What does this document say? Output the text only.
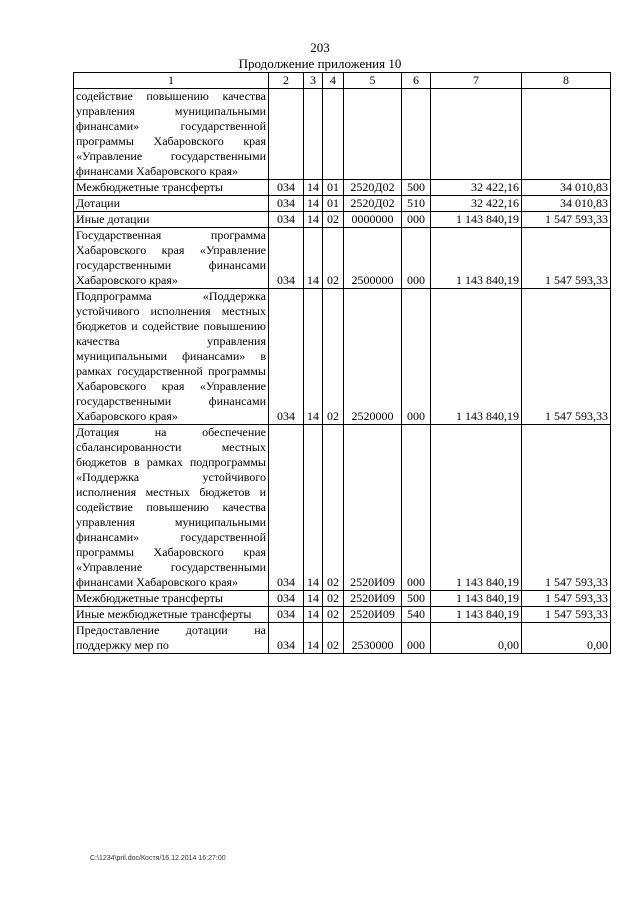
203
Продолжение приложения 10
1	2	3	4	5	6	7	8
содействие повышению качества управления муниципальными финансами» государственной программы Хабаровского края «Управление государственными финансами Хабаровского края»							
Межбюджетные трансферты	034	14	01	2520Д02	500	32 422,16	34 010,83
Дотации	034	14	01	2520Д02	510	32 422,16	34 010,83
Иные дотации	034	14	02	0000000	000	1 143 840,19	1 547 593,33
Государственная программа Хабаровского края «Управление государственными финансами Хабаровского края»	034	14	02	2500000	000	1 143 840,19	1 547 593,33
Подпрограмма «Поддержка устойчивого исполнения местных бюджетов и содействие повышению качества управления муниципальными финансами» в рамках государственной программы Хабаровского края «Управление государственными финансами Хабаровского края»	034	14	02	2520000	000	1 143 840,19	1 547 593,33
Дотация на обеспечение сбалансированности местных бюджетов в рамках подпрограммы «Поддержка устойчивого исполнения местных бюджетов и содействие повышению качества управления муниципальными финансами» государственной программы Хабаровского края «Управление государственными финансами Хабаровского края»	034	14	02	2520И09	000	1 143 840,19	1 547 593,33
Межбюджетные трансферты	034	14	02	2520И09	500	1 143 840,19	1 547 593,33
Иные межбюджетные трансферты	034	14	02	2520И09	540	1 143 840,19	1 547 593,33
Предоставление дотации на поддержку мер по	034	14	02	2530000	000	0,00	0,00
C:\1234\pril.doc/Костя/16.12.2014 16:27:00
